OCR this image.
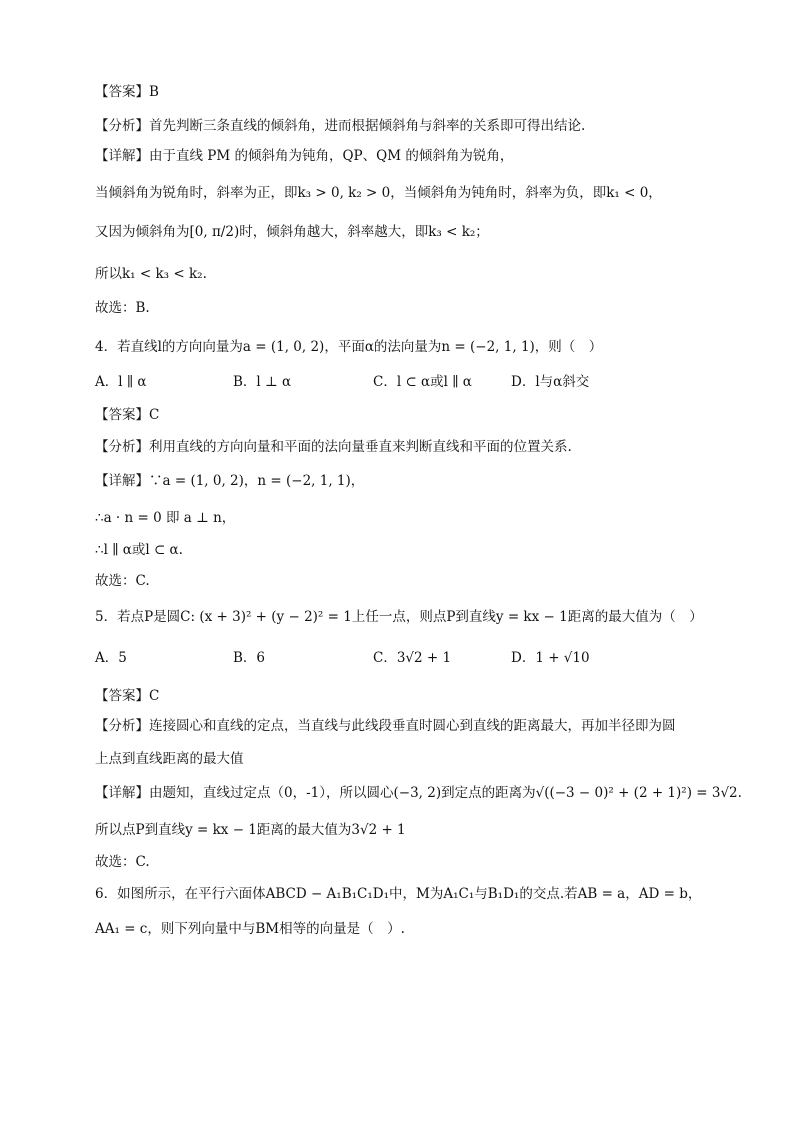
【答案】B
【分析】首先判断三条直线的倾斜角，进而根据倾斜角与斜率的关系即可得出结论.
【详解】由于直线 PM 的倾斜角为钝角，QP、QM 的倾斜角为锐角，
当倾斜角为锐角时，斜率为正，即k₃ > 0, k₂ > 0，当倾斜角为钝角时，斜率为负，即k₁ < 0，
又因为倾斜角为[0, π/2)时，倾斜角越大，斜率越大，即k₃ < k₂；
所以k₁ < k₃ < k₂.
故选：B.
4．若直线l的方向向量为a = (1, 0, 2)，平面α的法向量为n = (−2, 1, 1)，则（　）
A．l ∥ α	B．l ⊥ α	C．l ⊂ α或l ∥ α	D．l与α斜交
【答案】C
【分析】利用直线的方向向量和平面的法向量垂直来判断直线和平面的位置关系.
【详解】∵a = (1, 0, 2)，n = (−2, 1, 1)，
∴a · n = 0 即 a ⊥ n，
∴l ∥ α或l ⊂ α.
故选：C.
5．若点P是圆C: (x + 3)² + (y − 2)² = 1上任一点，则点P到直线y = kx − 1距离的最大值为（　）
A．5	B．6	C．3√2 + 1	D．1 + √10
【答案】C
【分析】连接圆心和直线的定点，当直线与此线段垂直时圆心到直线的距离最大，再加半径即为圆
上点到直线距离的最大值
【详解】由题知，直线过定点（0，-1），所以圆心(−3, 2)到定点的距离为√((−3 − 0)² + (2 + 1)²) = 3√2.
所以点P到直线y = kx − 1距离的最大值为3√2 + 1
故选：C.
6．如图所示，在平行六面体ABCD − A₁B₁C₁D₁中，M为A₁C₁与B₁D₁的交点.若AB = a，AD = b，
AA₁ = c，则下列向量中与BM相等的向量是（　）.
